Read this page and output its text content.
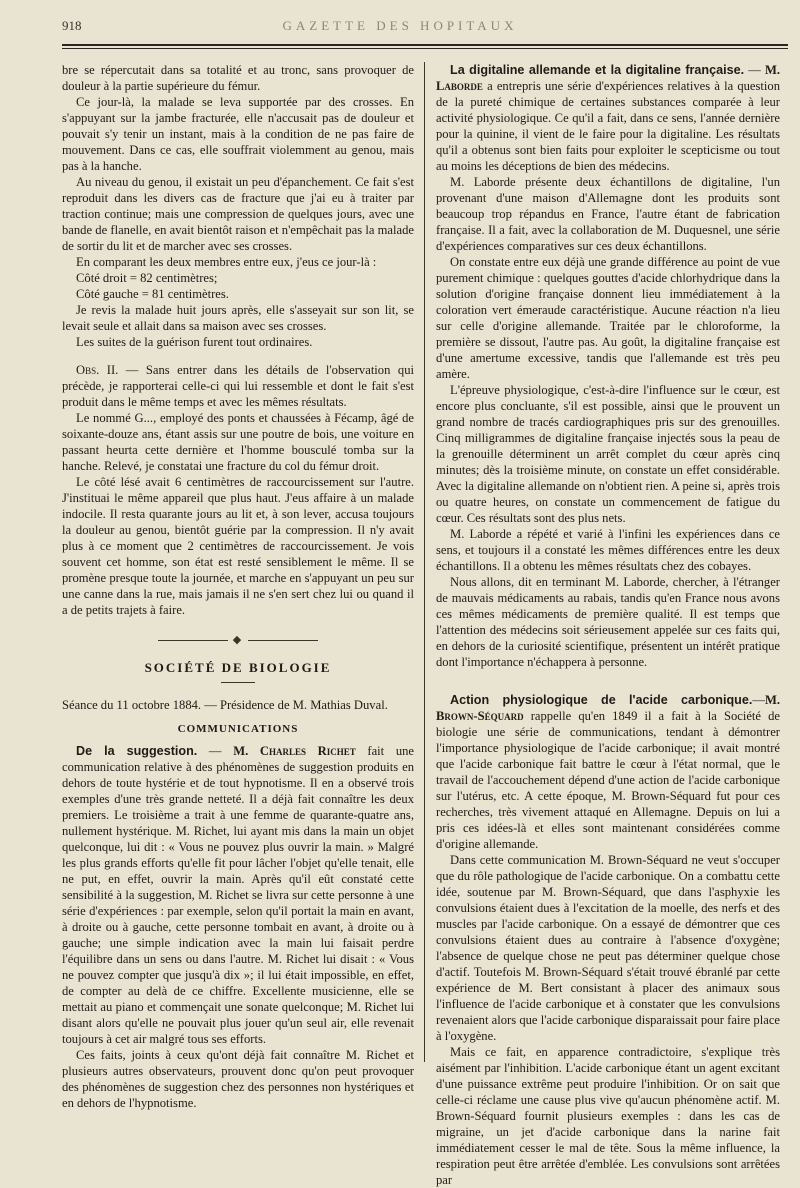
918	GAZETTE DES HOPITAUX

bre se répercutait dans sa totalité et au tronc, sans provoquer de douleur à la partie supérieure du fémur.

Ce jour-là, la malade se leva supportée par des crosses. En s'appuyant sur la jambe fracturée, elle n'accusait pas de douleur et pouvait s'y tenir un instant, mais à la condition de ne pas faire de mouvement. Dans ce cas, elle souffrait violemment au genou, mais pas à la hanche.

Au niveau du genou, il existait un peu d'épanchement. Ce fait s'est reproduit dans les divers cas de fracture que j'ai eu à traiter par traction continue; mais une compression de quelques jours, avec une bande de flanelle, en avait bientôt raison et n'empêchait pas la malade de sortir du lit et de marcher avec ses crosses.

En comparant les deux membres entre eux, j'eus ce jour-là :

Côté droit = 82 centimètres;

Côté gauche = 81 centimètres.

Je revis la malade huit jours après, elle s'asseyait sur son lit, se levait seule et allait dans sa maison avec ses crosses.

Les suites de la guérison furent tout ordinaires.

Obs. II. — Sans entrer dans les détails de l'observation qui précède, je rapporterai celle-ci qui lui ressemble et dont le fait s'est produit dans le même temps et avec les mêmes résultats.

Le nommé G..., employé des ponts et chaussées à Fécamp, âgé de soixante-douze ans, étant assis sur une poutre de bois, une voiture en passant heurta cette dernière et l'homme bousculé tomba sur la hanche. Relevé, je constatai une fracture du col du fémur droit.

Le côté lésé avait 6 centimètres de raccourcissement sur l'autre. J'instituai le même appareil que plus haut. J'eus affaire à un malade indocile. Il resta quarante jours au lit et, à son lever, accusa toujours la douleur au genou, bientôt guérie par la compression. Il n'y avait plus à ce moment que 2 centimètres de raccourcissement. Je vois souvent cet homme, son état est resté sensiblement le même. Il se promène presque toute la journée, et marche en s'appuyant un peu sur une canne dans la rue, mais jamais il ne s'en sert chez lui ou quand il a de petits trajets à faire.

◆
SOCIÉTÉ DE BIOLOGIE

Séance du 11 octobre 1884. — Présidence de M. Mathias Duval.

COMMUNICATIONS

De la suggestion. — M. Charles Richet fait une communication relative à des phénomènes de suggestion produits en dehors de toute hystérie et de tout hypnotisme. Il en a observé trois exemples d'une très grande netteté. Il a déjà fait connaître les deux premiers. Le troisième a trait à une femme de quarante-quatre ans, nullement hystérique. M. Richet, lui ayant mis dans la main un objet quelconque, lui dit : « Vous ne pouvez plus ouvrir la main. » Malgré les plus grands efforts qu'elle fit pour lâcher l'objet qu'elle tenait, elle ne put, en effet, ouvrir la main. Après qu'il eût constaté cette sensibilité à la suggestion, M. Richet se livra sur cette personne à une série d'expériences : par exemple, selon qu'il portait la main en avant, à droite ou à gauche, cette personne tombait en avant, à droite ou à gauche; une simple indication avec la main lui faisait perdre l'équilibre dans un sens ou dans l'autre. M. Richet lui disait : « Vous ne pouvez compter que jusqu'à dix »; il lui était impossible, en effet, de compter au delà de ce chiffre. Excellente musicienne, elle se mettait au piano et commençait une sonate quelconque; M. Richet lui disant alors qu'elle ne pouvait plus jouer qu'un seul air, elle revenait toujours à cet air malgré tous ses efforts.

Ces faits, joints à ceux qu'ont déjà fait connaître M. Richet et plusieurs autres observateurs, prouvent donc qu'on peut provoquer des phénomènes de suggestion chez des personnes non hystériques et en dehors de l'hypnotisme.

La digitaline allemande et la digitaline française. — M. Laborde a entrepris une série d'expériences relatives à la question de la pureté chimique de certaines substances comparée à leur activité physiologique. Ce qu'il a fait, dans ce sens, l'année dernière pour la quinine, il vient de le faire pour la digitaline. Les résultats qu'il a obtenus sont bien faits pour exploiter le scepticisme ou tout au moins les déceptions de bien des médecins.

M. Laborde présente deux échantillons de digitaline, l'un provenant d'une maison d'Allemagne dont les produits sont beaucoup trop répandus en France, l'autre étant de fabrication française. Il a fait, avec la collaboration de M. Duquesnel, une série d'expériences comparatives sur ces deux échantillons.

On constate entre eux déjà une grande différence au point de vue purement chimique : quelques gouttes d'acide chlorhydrique dans la solution d'origine française donnent lieu immédiatement à la coloration vert émeraude caractéristique. Aucune réaction n'a lieu sur celle d'origine allemande. Traitée par le chloroforme, la première se dissout, l'autre pas. Au goût, la digitaline française est d'une amertume excessive, tandis que l'allemande est très peu amère.

L'épreuve physiologique, c'est-à-dire l'influence sur le cœur, est encore plus concluante, s'il est possible, ainsi que le prouvent un grand nombre de tracés cardiographiques pris sur des grenouilles. Cinq milligrammes de digitaline française injectés sous la peau de la grenouille déterminent un arrêt complet du cœur après cinq minutes; dès la troisième minute, on constate un effet considérable. Avec la digitaline allemande on n'obtient rien. A peine si, après trois ou quatre heures, on constate un commencement de fatigue du cœur. Ces résultats sont des plus nets.

M. Laborde a répété et varié à l'infini les expériences dans ce sens, et toujours il a constaté les mêmes différences entre les deux échantillons. Il a obtenu les mêmes résultats chez des cobayes.

Nous allons, dit en terminant M. Laborde, chercher, à l'étranger de mauvais médicaments au rabais, tandis qu'en France nous avons ces mêmes médicaments de première qualité. Il est temps que l'attention des médecins soit sérieusement appelée sur ces faits qui, en dehors de la curiosité scientifique, présentent un intérêt pratique dont l'importance n'échappera à personne.

Action physiologique de l'acide carbonique.—M. Brown-Séquard rappelle qu'en 1849 il a fait à la Société de biologie une série de communications, tendant à démontrer l'importance physiologique de l'acide carbonique; il avait montré que l'acide carbonique fait battre le cœur à l'état normal, que le travail de l'accouchement dépend d'une action de l'acide carbonique sur l'utérus, etc. A cette époque, M. Brown-Séquard fut pour ces recherches, très vivement attaqué en Allemagne. Depuis on lui a pris ces idées-là et elles sont maintenant considérées comme d'origine allemande.

Dans cette communication M. Brown-Séquard ne veut s'occuper que du rôle pathologique de l'acide carbonique. On a combattu cette idée, soutenue par M. Brown-Séquard, que dans l'asphyxie les convulsions étaient dues à l'excitation de la moelle, des nerfs et des muscles par l'acide carbonique. On a essayé de démontrer que ces convulsions étaient dues au contraire à l'absence d'oxygène; l'absence de quelque chose ne peut pas déterminer quelque chose d'actif. Toutefois M. Brown-Séquard s'était trouvé ébranlé par cette expérience de M. Bert consistant à placer des animaux sous l'influence de l'acide carbonique et à constater que les convulsions revenaient alors que l'acide carbonique disparaissait pour faire place à l'oxygène.

Mais ce fait, en apparence contradictoire, s'explique très aisément par l'inhibition. L'acide carbonique étant un agent excitant d'une puissance extrême peut produire l'inhibition. Or on sait que celle-ci réclame une cause plus vive qu'aucun phénomène actif. M. Brown-Séquard fournit plusieurs exemples : dans les cas de migraine, un jet d'acide carbonique dans la narine fait immédiatement cesser le mal de tête. Sous la même influence, la respiration peut être arrêtée d'emblée. Les convulsions sont arrêtées par
